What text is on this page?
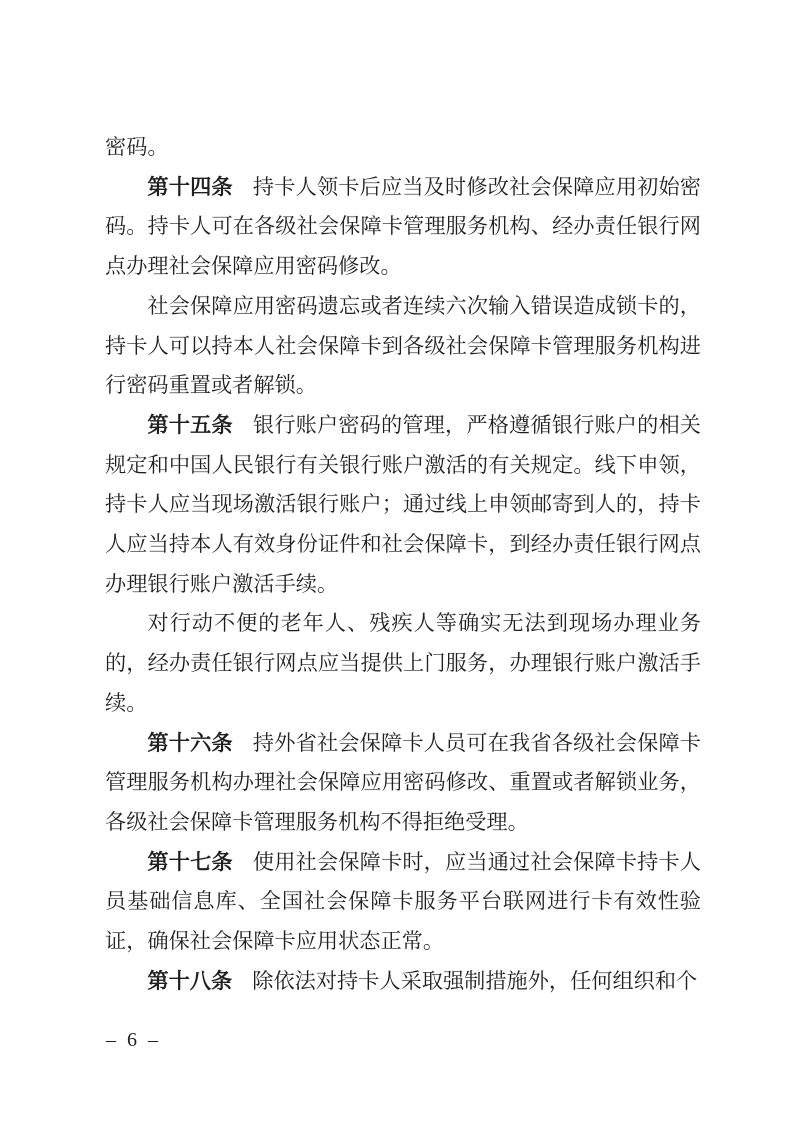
密码。

第十四条 持卡人领卡后应当及时修改社会保障应用初始密码。持卡人可在各级社会保障卡管理服务机构、经办责任银行网点办理社会保障应用密码修改。

社会保障应用密码遗忘或者连续六次输入错误造成锁卡的，持卡人可以持本人社会保障卡到各级社会保障卡管理服务机构进行密码重置或者解锁。

第十五条 银行账户密码的管理，严格遵循银行账户的相关规定和中国人民银行有关银行账户激活的有关规定。线下申领，持卡人应当现场激活银行账户；通过线上申领邮寄到人的，持卡人应当持本人有效身份证件和社会保障卡，到经办责任银行网点办理银行账户激活手续。

对行动不便的老年人、残疾人等确实无法到现场办理业务的，经办责任银行网点应当提供上门服务，办理银行账户激活手续。

第十六条 持外省社会保障卡人员可在我省各级社会保障卡管理服务机构办理社会保障应用密码修改、重置或者解锁业务，各级社会保障卡管理服务机构不得拒绝受理。

第十七条 使用社会保障卡时，应当通过社会保障卡持卡人员基础信息库、全国社会保障卡服务平台联网进行卡有效性验证，确保社会保障卡应用状态正常。

第十八条 除依法对持卡人采取强制措施外，任何组织和个

– 6 –
